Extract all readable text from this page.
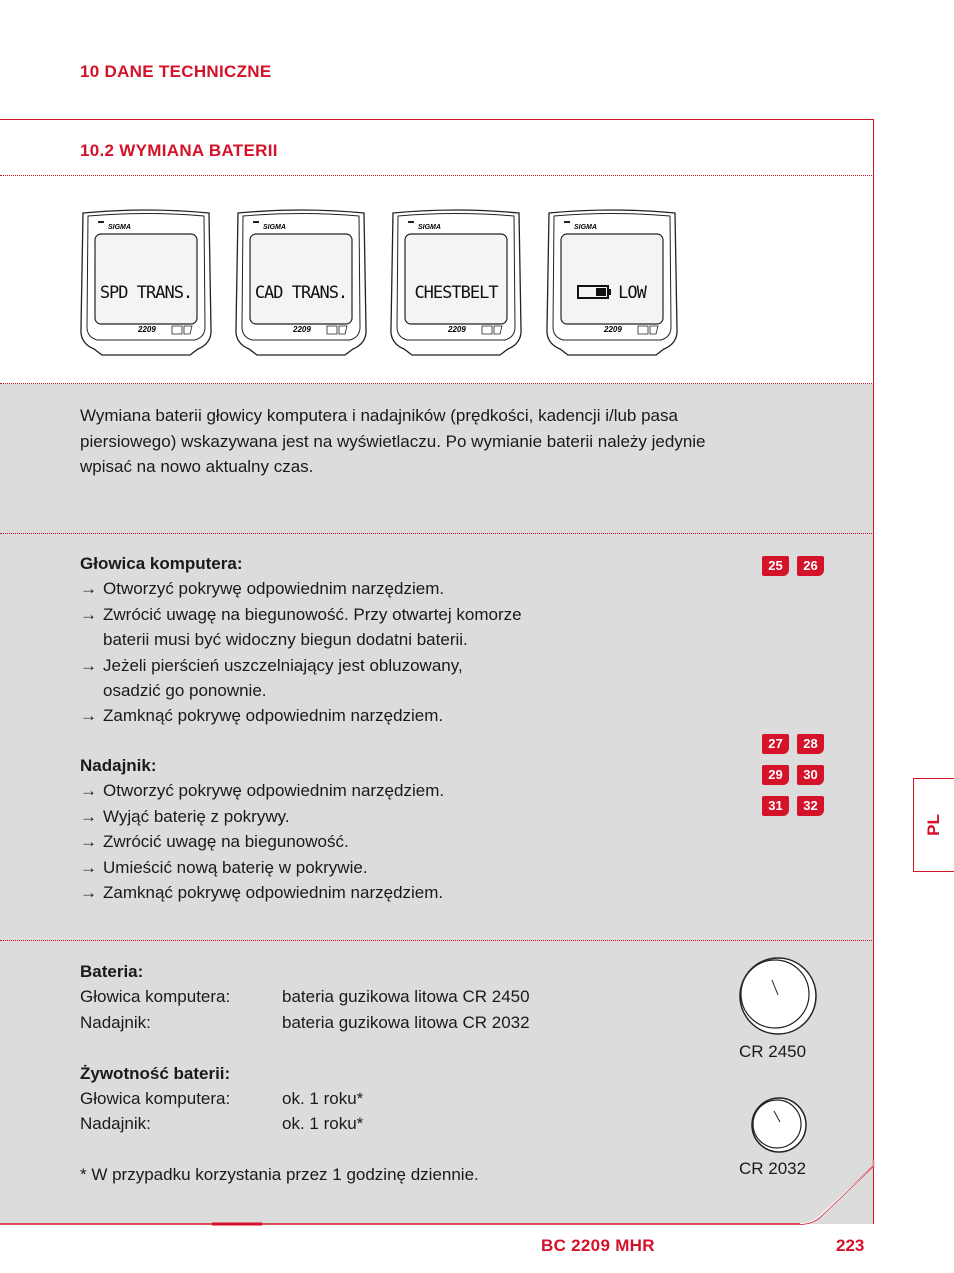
10 DANE TECHNICZNE
10.2 WYMIANA BATERII
SIGMA
2209
SPD TRANS.
SIGMA
2209
CAD TRANS.
SIGMA
2209
CHESTBELT
SIGMA
2209
LOW
Wymiana baterii głowicy komputera i nadajników (prędkości, kadencji i/lub pasa
piersiowego) wskazywana jest na wyświetlaczu. Po wymianie baterii należy jedynie
wpisać na nowo aktualny czas.
Głowica komputera:
→ Otworzyć pokrywę odpowiednim narzędziem.
→ Zwrócić uwagę na biegunowość. Przy otwartej komorze
baterii musi być widoczny biegun dodatni baterii.
→ Jeżeli pierścień uszczelniający jest obluzowany,
osadzić go ponownie.
→ Zamknąć pokrywę odpowiednim narzędziem.
25	26
Nadajnik:
→ Otworzyć pokrywę odpowiednim narzędziem.
→ Wyjąć baterię z pokrywy.
→ Zwrócić uwagę na biegunowość.
→ Umieścić nową baterię w pokrywie.
→ Zamknąć pokrywę odpowiednim narzędziem.
27	28
29	30
31	32
Bateria:
Głowica komputera:	bateria guzikowa litowa CR 2450
Nadajnik:	bateria guzikowa litowa CR 2032
Żywotność baterii:
Głowica komputera:	ok. 1 roku*
Nadajnik:	ok. 1 roku*
* W przypadku korzystania przez 1 godzinę dziennie.
CR 2450
CR 2032
PL
BC 2209 MHR	223
